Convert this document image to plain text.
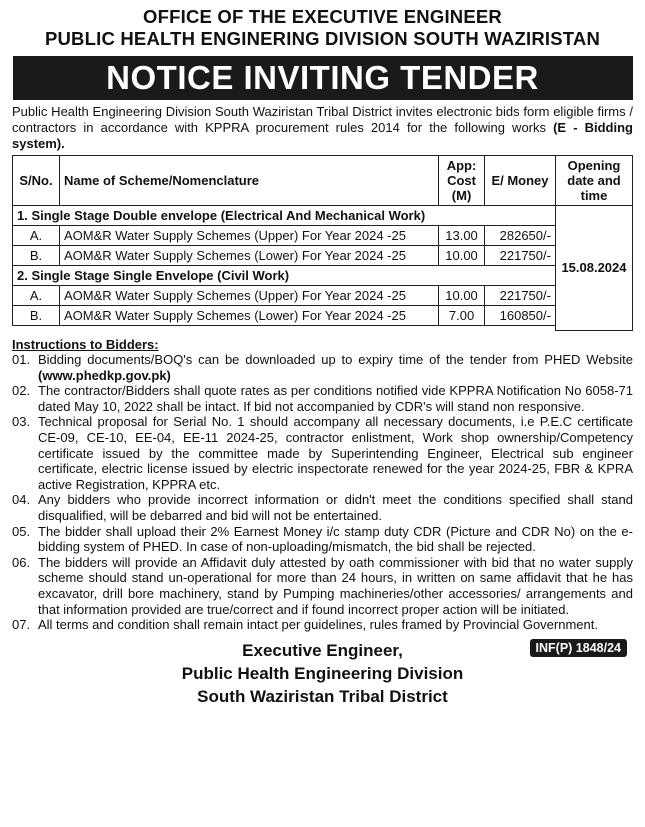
OFFICE OF THE EXECUTIVE ENGINEER
PUBLIC HEALTH ENGINERING DIVISION SOUTH WAZIRISTAN
NOTICE INVITING TENDER
Public Health Engineering Division South Waziristan Tribal District invites electronic bids form eligible firms / contractors in accordance with KPPRA procurement rules 2014 for the following works (E - Bidding system).
S/No.	Name of Scheme/Nomenclature	App: Cost (M)	E/ Money	Opening date and time
1. Single Stage Double envelope (Electrical And Mechanical Work)				15.08.2024
A.	AOM&R Water Supply Schemes (Upper) For Year 2024 -25	13.00	282650/-	
B.	AOM&R Water Supply Schemes (Lower) For Year 2024 -25	10.00	221750/-	
2. Single Stage Single Envelope (Civil Work)				
A.	AOM&R Water Supply Schemes (Upper) For Year 2024 -25	10.00	221750/-	
B.	AOM&R Water Supply Schemes (Lower) For Year 2024 -25	7.00	160850/-	

Instructions to Bidders:
01. Bidding documents/BOQ's can be downloaded up to expiry time of the tender from PHED Website (www.phedkp.gov.pk)
02. The contractor/Bidders shall quote rates as per conditions notified vide KPPRA Notification No 6058-71 dated May 10, 2022 shall be intact. If bid not accompanied by CDR's will stand non responsive.
03. Technical proposal for Serial No. 1 should accompany all necessary documents, i.e P.E.C certificate CE-09, CE-10, EE-04, EE-11 2024-25, contractor enlistment, Work shop ownership/Competency certificate issued by the committee made by Superintending Engineer, Electrical sub engineer certificate, electric license issued by electric inspectorate renewed for the year 2024-25, FBR & KPRA active Registration, KPPRA etc.
04. Any bidders who provide incorrect information or didn't meet the conditions specified shall stand disqualified, will be debarred and bid will not be entertained.
05. The bidder shall upload their 2% Earnest Money i/c stamp duty CDR (Picture and CDR No) on the e-bidding system of PHED. In case of non-uploading/mismatch, the bid shall be rejected.
06. The bidders will provide an Affidavit duly attested by oath commissioner with bid that no water supply scheme should stand un-operational for more than 24 hours, in written on same affidavit that he has excavator, drill bore machinery, stand by Pumping machineries/other accessories/ arrangements and that information provided are true/correct and if found incorrect proper action will be initiated.
07. All terms and condition shall remain intact per guidelines, rules framed by Provincial Government.
INF(P) 1848/24
Executive Engineer,
Public Health Engineering Division
South Waziristan Tribal District
